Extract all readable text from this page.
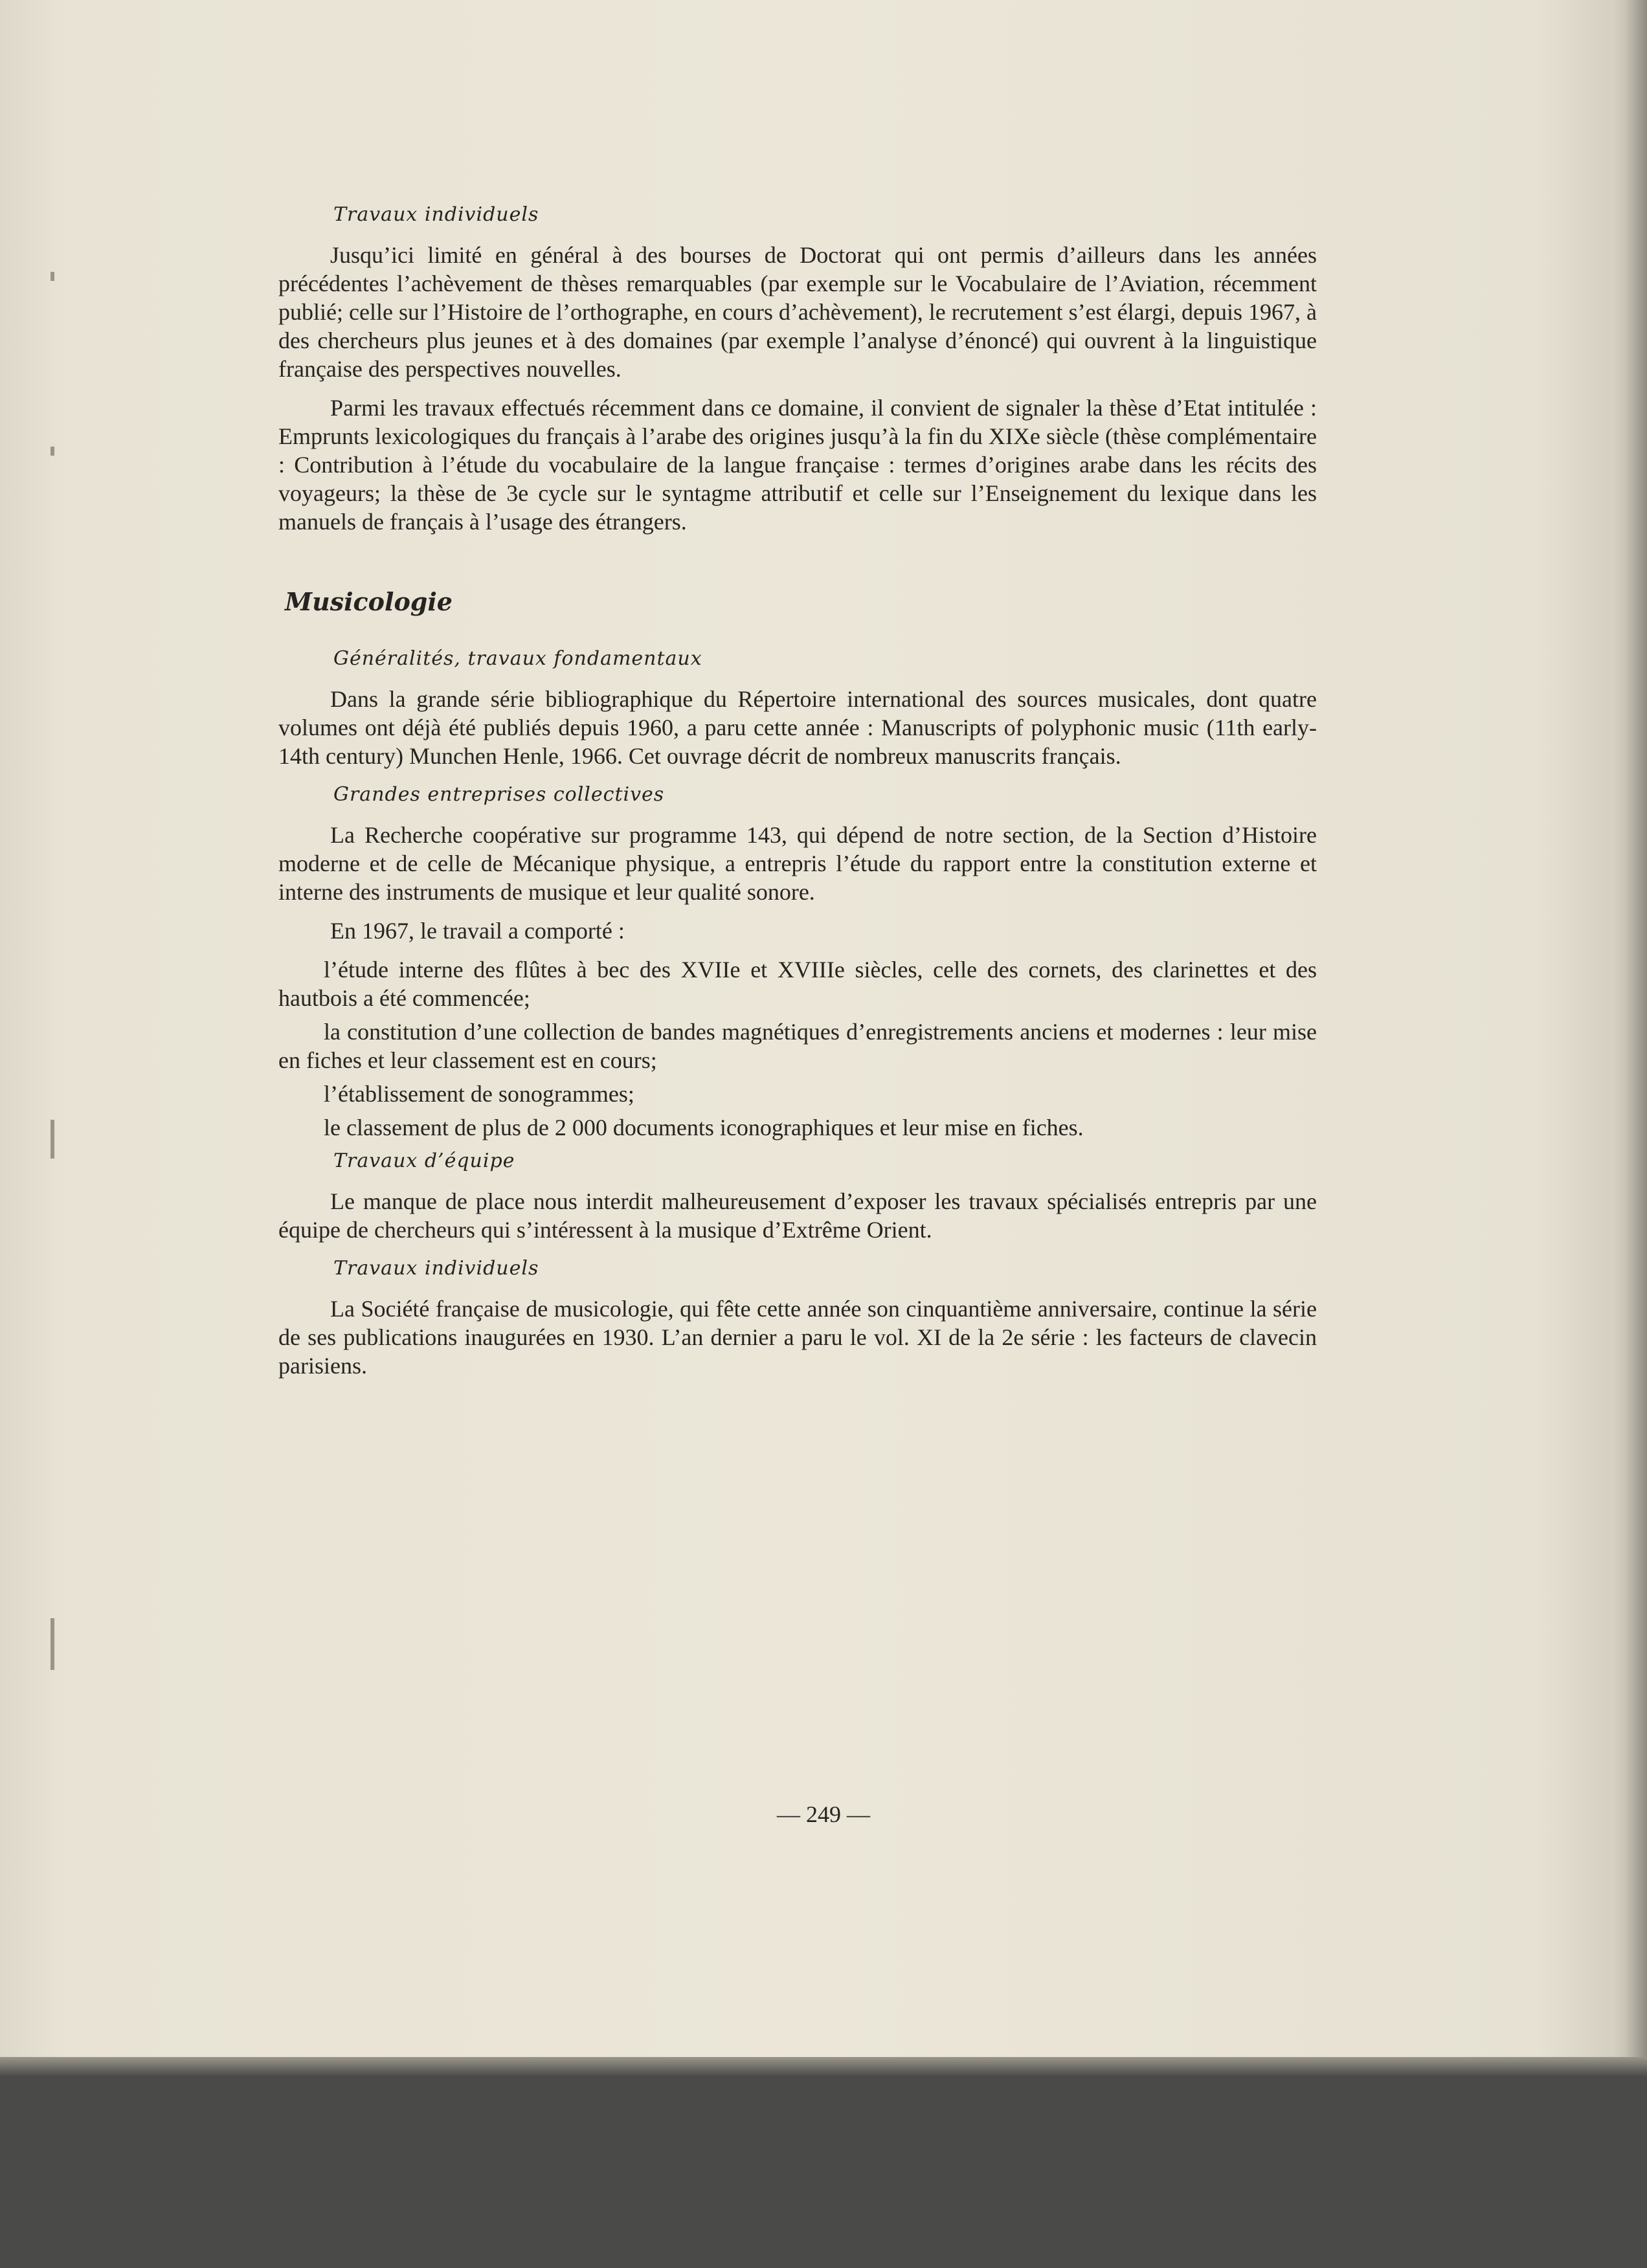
Travaux individuels

Jusqu’ici limité en général à des bourses de Doctorat qui ont permis d’ailleurs dans les années précédentes l’achèvement de thèses remarquables (par exemple sur le Vocabulaire de l’Aviation, récemment publié; celle sur l’Histoire de l’orthographe, en cours d’achèvement), le recrutement s’est élargi, depuis 1967, à des chercheurs plus jeunes et à des domaines (par exemple l’analyse d’énoncé) qui ouvrent à la linguistique française des perspectives nouvelles.

Parmi les travaux effectués récemment dans ce domaine, il convient de signaler la thèse d’Etat intitulée : Emprunts lexicologiques du français à l’arabe des origines jusqu’à la fin du XIXe siècle (thèse complémentaire : Contribution à l’étude du vocabulaire de la langue française : termes d’origines arabe dans les récits des voyageurs; la thèse de 3e cycle sur le syntagme attributif et celle sur l’Enseignement du lexique dans les manuels de français à l’usage des étrangers.

Musicologie
Généralités, travaux fondamentaux

Dans la grande série bibliographique du Répertoire international des sources musicales, dont quatre volumes ont déjà été publiés depuis 1960, a paru cette année : Manuscripts of polyphonic music (11th early-14th century) Munchen Henle, 1966. Cet ouvrage décrit de nombreux manuscrits français.

Grandes entreprises collectives

La Recherche coopérative sur programme 143, qui dépend de notre section, de la Section d’Histoire moderne et de celle de Mécanique physique, a entrepris l’étude du rapport entre la constitution externe et interne des instruments de musique et leur qualité sonore.

En 1967, le travail a comporté :

l’étude interne des flûtes à bec des XVIIe et XVIIIe siècles, celle des cornets, des clarinettes et des hautbois a été commencée;

la constitution d’une collection de bandes magnétiques d’enregistrements anciens et modernes : leur mise en fiches et leur classement est en cours;

l’établissement de sonogrammes;

le classement de plus de 2 000 documents iconographiques et leur mise en fiches.

Travaux d’équipe

Le manque de place nous interdit malheureusement d’exposer les travaux spécialisés entrepris par une équipe de chercheurs qui s’intéressent à la musique d’Extrême Orient.

Travaux individuels

La Société française de musicologie, qui fête cette année son cinquantième anniversaire, continue la série de ses publications inaugurées en 1930. L’an dernier a paru le vol. XI de la 2e série : les facteurs de clavecin parisiens.

— 249 —
